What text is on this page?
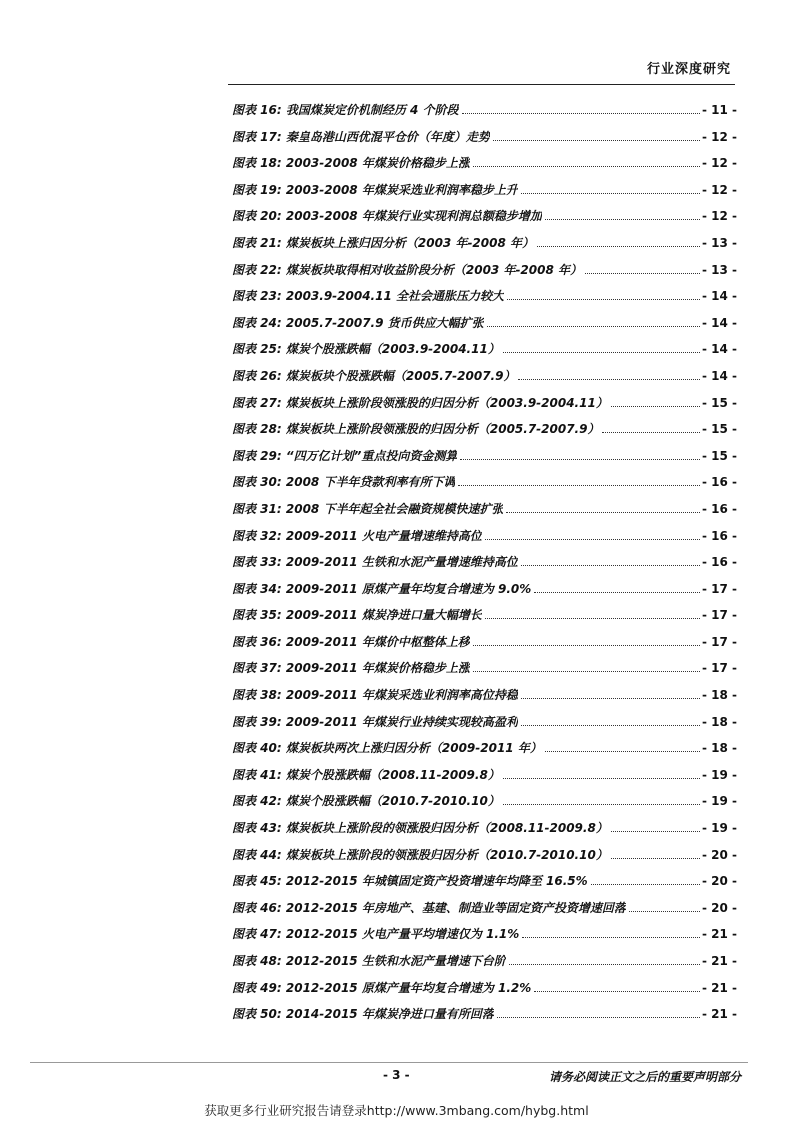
行业深度研究
图表 16:
我国煤炭定价机制经历 4 个阶段	- 11 -
图表 17:
秦皇岛港山西优混平仓价（年度）走势	- 12 -
图表 18:
2003-2008 年煤炭价格稳步上涨	- 12 -
图表 19:
2003-2008 年煤炭采选业利润率稳步上升	- 12 -
图表 20:
2003-2008 年煤炭行业实现利润总额稳步增加	- 12 -
图表 21:
煤炭板块上涨归因分析（2003 年-2008 年）	- 13 -
图表 22:
煤炭板块取得相对收益阶段分析（2003 年-2008 年）	- 13 -
图表 23:
2003.9-2004.11 全社会通胀压力较大	- 14 -
图表 24:
2005.7-2007.9 货币供应大幅扩张	- 14 -
图表 25:
煤炭个股涨跌幅（2003.9-2004.11）	- 14 -
图表 26:
煤炭板块个股涨跌幅（2005.7-2007.9）	- 14 -
图表 27:
煤炭板块上涨阶段领涨股的归因分析（2003.9-2004.11）	- 15 -
图表 28:
煤炭板块上涨阶段领涨股的归因分析（2005.7-2007.9）	- 15 -
图表 29:
“四万亿计划”重点投向资金测算	- 15 -
图表 30:
2008 下半年贷款利率有所下调	- 16 -
图表 31:
2008 下半年起全社会融资规模快速扩张	- 16 -
图表 32:
2009-2011 火电产量增速维持高位	- 16 -
图表 33:
2009-2011 生铁和水泥产量增速维持高位	- 16 -
图表 34:
2009-2011 原煤产量年均复合增速为 9.0%	- 17 -
图表 35:
2009-2011 煤炭净进口量大幅增长	- 17 -
图表 36:
2009-2011 年煤价中枢整体上移	- 17 -
图表 37:
2009-2011 年煤炭价格稳步上涨	- 17 -
图表 38:
2009-2011 年煤炭采选业利润率高位持稳	- 18 -
图表 39:
2009-2011 年煤炭行业持续实现较高盈利	- 18 -
图表 40:
煤炭板块两次上涨归因分析（2009-2011 年）	- 18 -
图表 41:
煤炭个股涨跌幅（2008.11-2009.8）	- 19 -
图表 42:
煤炭个股涨跌幅（2010.7-2010.10）	- 19 -
图表 43:
煤炭板块上涨阶段的领涨股归因分析（2008.11-2009.8）	- 19 -
图表 44:
煤炭板块上涨阶段的领涨股归因分析（2010.7-2010.10）	- 20 -
图表 45:
2012-2015 年城镇固定资产投资增速年均降至 16.5%	- 20 -
图表 46:
2012-2015 年房地产、基建、制造业等固定资产投资增速回落	- 20 -
图表 47:
2012-2015 火电产量平均增速仅为 1.1%	- 21 -
图表 48:
2012-2015 生铁和水泥产量增速下台阶	- 21 -
图表 49:
2012-2015 原煤产量年均复合增速为 1.2%	- 21 -
图表 50:
2014-2015 年煤炭净进口量有所回落	- 21 -
- 3 -	请务必阅读正文之后的重要声明部分
获取更多行业研究报告请登录http://www.3mbang.com/hybg.html
